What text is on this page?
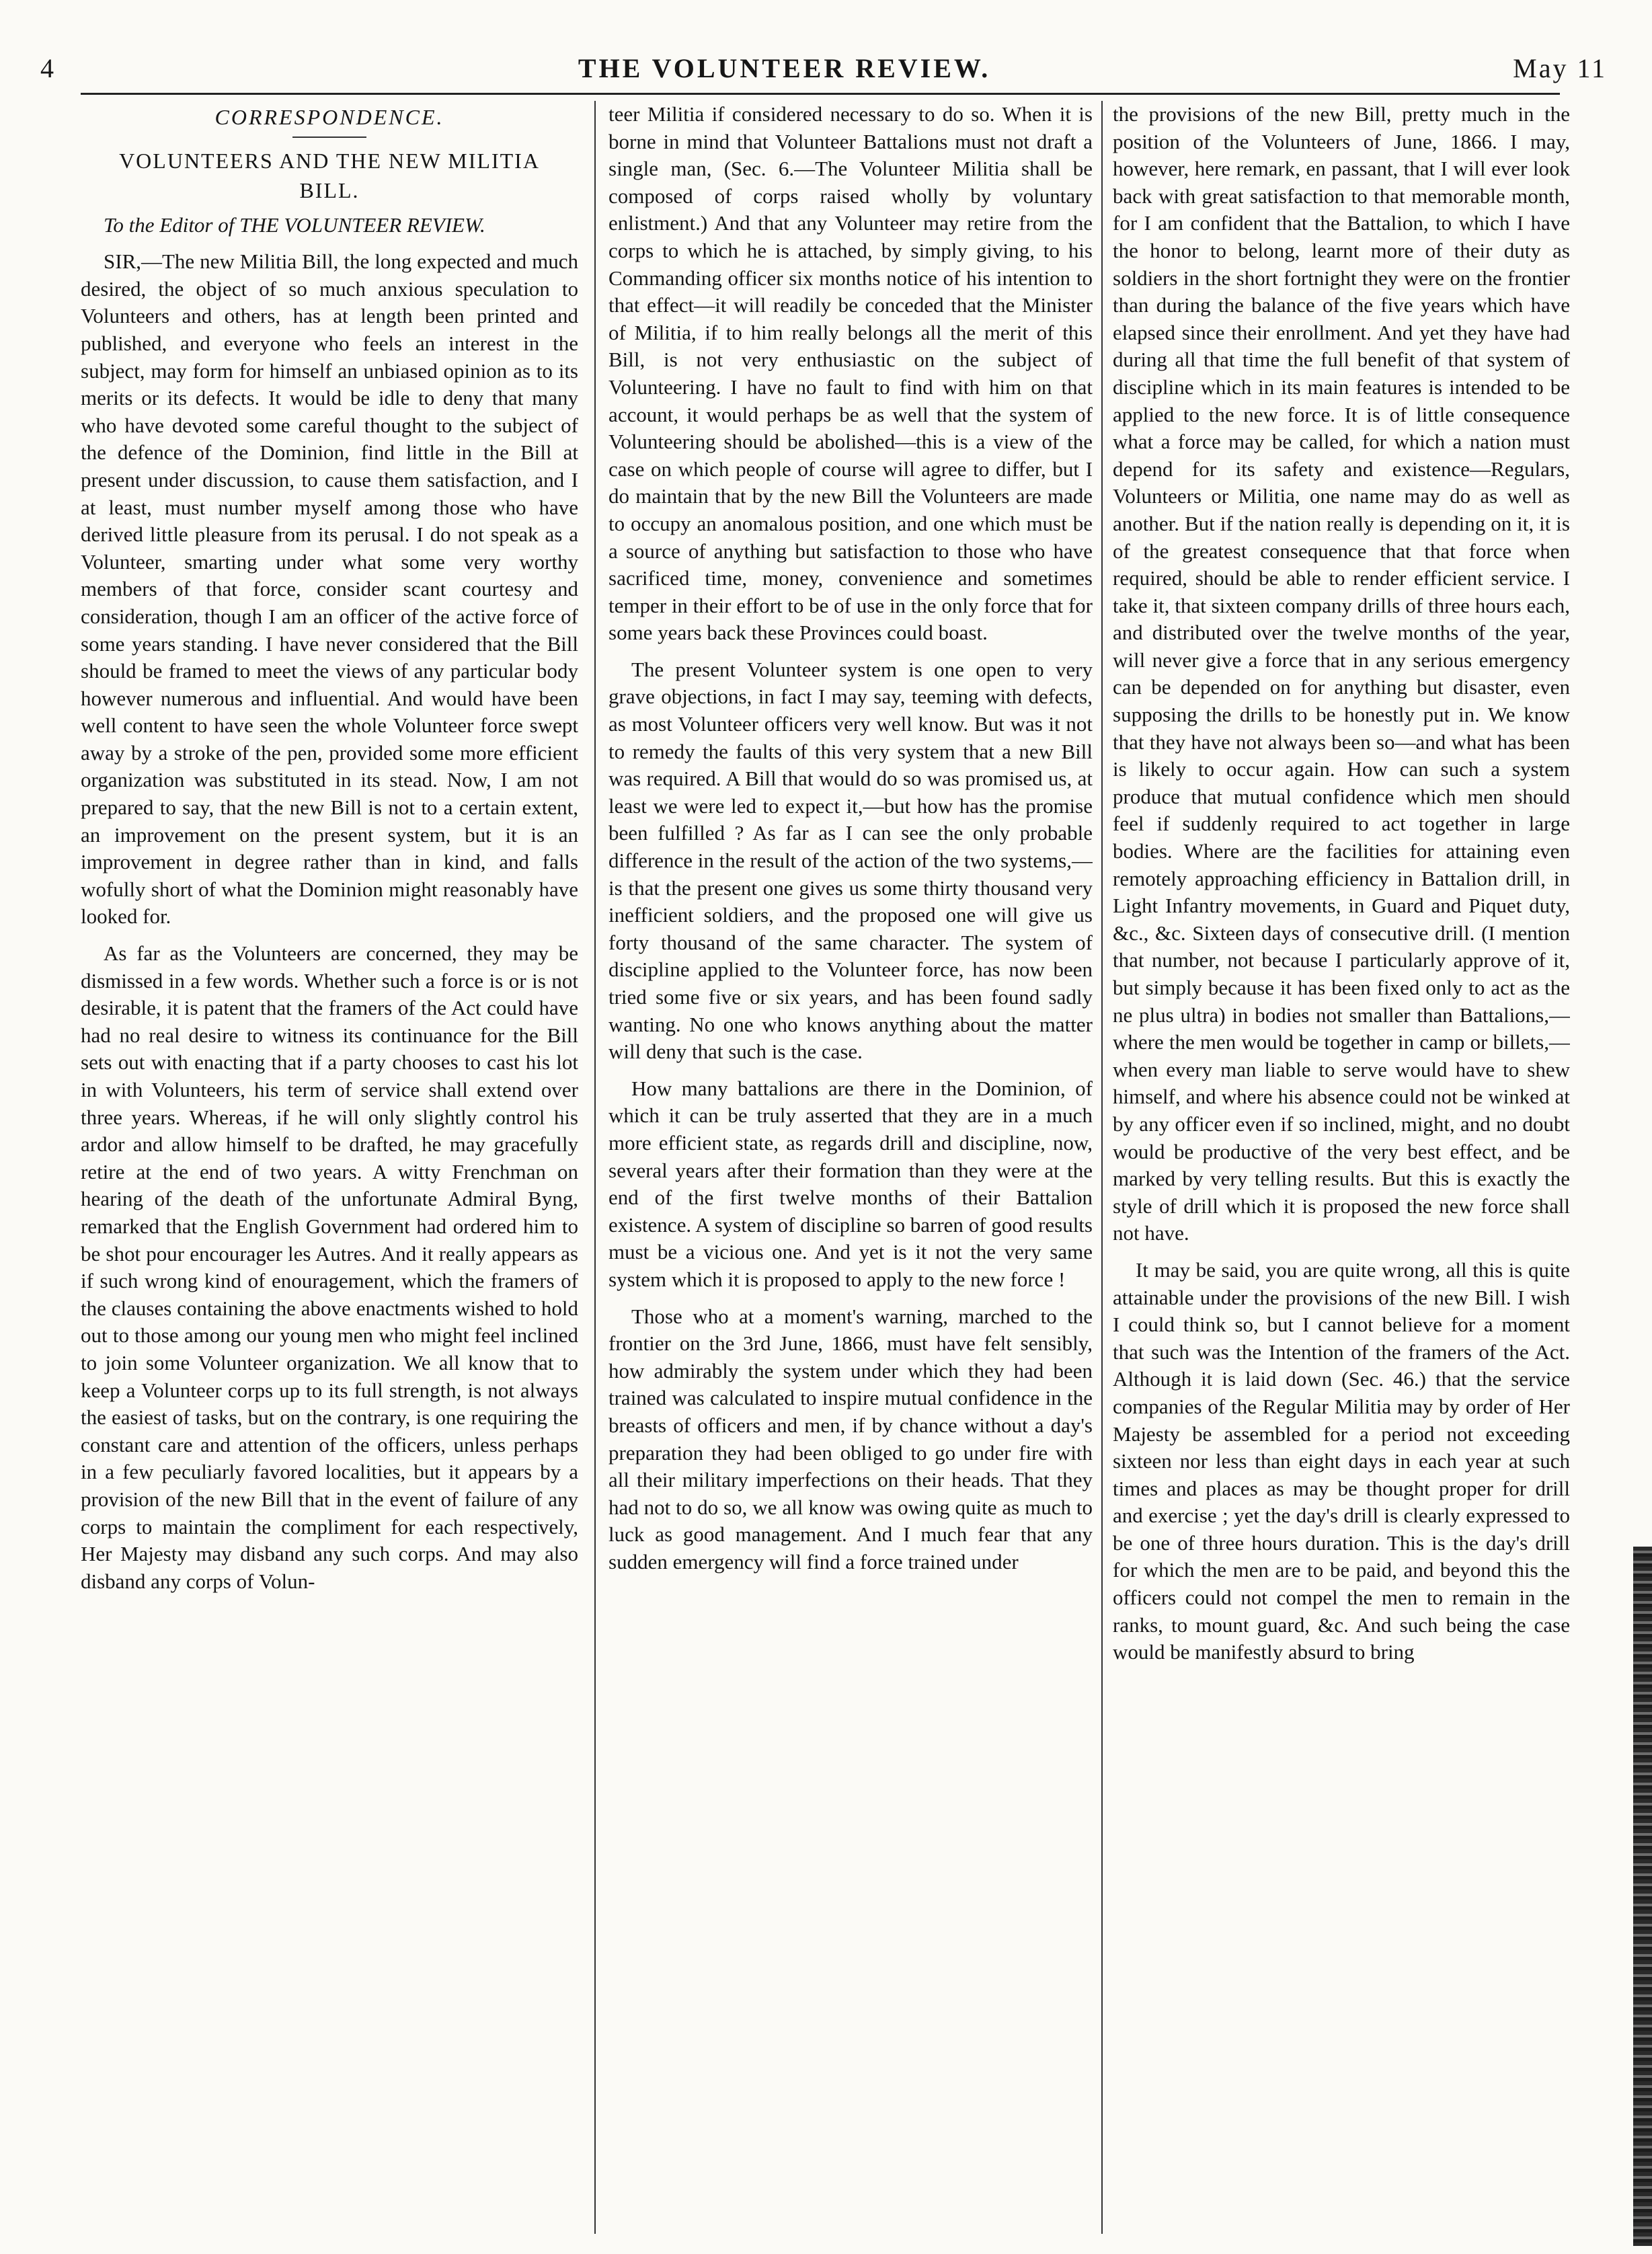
4	THE VOLUNTEER REVIEW.	May 11
CORRESPONDENCE.
VOLUNTEERS AND THE NEW MILITIA BILL.

To the Editor of THE VOLUNTEER REVIEW.

SIR,—The new Militia Bill, the long expected and much desired, the object of so much anxious speculation to Volunteers and others, has at length been printed and published, and everyone who feels an interest in the subject, may form for himself an unbiased opinion as to its merits or its defects. It would be idle to deny that many who have devoted some careful thought to the subject of the defence of the Dominion, find little in the Bill at present under discussion, to cause them satisfaction, and I at least, must number myself among those who have derived little pleasure from its perusal. I do not speak as a Volunteer, smarting under what some very worthy members of that force, consider scant courtesy and consideration, though I am an officer of the active force of some years standing. I have never considered that the Bill should be framed to meet the views of any particular body however numerous and influential. And would have been well content to have seen the whole Volunteer force swept away by a stroke of the pen, provided some more efficient organization was substituted in its stead. Now, I am not prepared to say, that the new Bill is not to a certain extent, an improvement on the present system, but it is an improvement in degree rather than in kind, and falls wofully short of what the Dominion might reasonably have looked for.

As far as the Volunteers are concerned, they may be dismissed in a few words. Whether such a force is or is not desirable, it is patent that the framers of the Act could have had no real desire to witness its continuance for the Bill sets out with enacting that if a party chooses to cast his lot in with Volunteers, his term of service shall extend over three years. Whereas, if he will only slightly control his ardor and allow himself to be drafted, he may gracefully retire at the end of two years. A witty Frenchman on hearing of the death of the unfortunate Admiral Byng, remarked that the English Government had ordered him to be shot pour encourager les Autres. And it really appears as if such wrong kind of enouragement, which the framers of the clauses containing the above enactments wished to hold out to those among our young men who might feel inclined to join some Volunteer organization. We all know that to keep a Volunteer corps up to its full strength, is not always the easiest of tasks, but on the contrary, is one requiring the constant care and attention of the officers, unless perhaps in a few peculiarly favored localities, but it appears by a provision of the new Bill that in the event of failure of any corps to maintain the compliment for each respectively, Her Majesty may disband any such corps. And may also disband any corps of Volun-

teer Militia if considered necessary to do so. When it is borne in mind that Volunteer Battalions must not draft a single man, (Sec. 6.—The Volunteer Militia shall be composed of corps raised wholly by voluntary enlistment.) And that any Volunteer may retire from the corps to which he is attached, by simply giving, to his Commanding officer six months notice of his intention to that effect—it will readily be conceded that the Minister of Militia, if to him really belongs all the merit of this Bill, is not very enthusiastic on the subject of Volunteering. I have no fault to find with him on that account, it would perhaps be as well that the system of Volunteering should be abolished—this is a view of the case on which people of course will agree to differ, but I do maintain that by the new Bill the Volunteers are made to occupy an anomalous position, and one which must be a source of anything but satisfaction to those who have sacrificed time, money, convenience and sometimes temper in their effort to be of use in the only force that for some years back these Provinces could boast.

The present Volunteer system is one open to very grave objections, in fact I may say, teeming with defects, as most Volunteer officers very well know. But was it not to remedy the faults of this very system that a new Bill was required. A Bill that would do so was promised us, at least we were led to expect it,—but how has the promise been fulfilled ? As far as I can see the only probable difference in the result of the action of the two systems,—is that the present one gives us some thirty thousand very inefficient soldiers, and the proposed one will give us forty thousand of the same character. The system of discipline applied to the Volunteer force, has now been tried some five or six years, and has been found sadly wanting. No one who knows anything about the matter will deny that such is the case.

How many battalions are there in the Dominion, of which it can be truly asserted that they are in a much more efficient state, as regards drill and discipline, now, several years after their formation than they were at the end of the first twelve months of their Battalion existence. A system of discipline so barren of good results must be a vicious one. And yet is it not the very same system which it is proposed to apply to the new force !

Those who at a moment's warning, marched to the frontier on the 3rd June, 1866, must have felt sensibly, how admirably the system under which they had been trained was calculated to inspire mutual confidence in the breasts of officers and men, if by chance without a day's preparation they had been obliged to go under fire with all their military imperfections on their heads. That they had not to do so, we all know was owing quite as much to luck as good management. And I much fear that any sudden emergency will find a force trained under

the provisions of the new Bill, pretty much in the position of the Volunteers of June, 1866. I may, however, here remark, en passant, that I will ever look back with great satisfaction to that memorable month, for I am confident that the Battalion, to which I have the honor to belong, learnt more of their duty as soldiers in the short fortnight they were on the frontier than during the balance of the five years which have elapsed since their enrollment. And yet they have had during all that time the full benefit of that system of discipline which in its main features is intended to be applied to the new force. It is of little consequence what a force may be called, for which a nation must depend for its safety and existence—Regulars, Volunteers or Militia, one name may do as well as another. But if the nation really is depending on it, it is of the greatest consequence that that force when required, should be able to render efficient service. I take it, that sixteen company drills of three hours each, and distributed over the twelve months of the year, will never give a force that in any serious emergency can be depended on for anything but disaster, even supposing the drills to be honestly put in. We know that they have not always been so—and what has been is likely to occur again. How can such a system produce that mutual confidence which men should feel if suddenly required to act together in large bodies. Where are the facilities for attaining even remotely approaching efficiency in Battalion drill, in Light Infantry movements, in Guard and Piquet duty, &c., &c. Sixteen days of consecutive drill. (I mention that number, not because I particularly approve of it, but simply because it has been fixed only to act as the ne plus ultra) in bodies not smaller than Battalions,—where the men would be together in camp or billets,—when every man liable to serve would have to shew himself, and where his absence could not be winked at by any officer even if so inclined, might, and no doubt would be productive of the very best effect, and be marked by very telling results. But this is exactly the style of drill which it is proposed the new force shall not have.

It may be said, you are quite wrong, all this is quite attainable under the provisions of the new Bill. I wish I could think so, but I cannot believe for a moment that such was the Intention of the framers of the Act. Although it is laid down (Sec. 46.) that the service companies of the Regular Militia may by order of Her Majesty be assembled for a period not exceeding sixteen nor less than eight days in each year at such times and places as may be thought proper for drill and exercise ; yet the day's drill is clearly expressed to be one of three hours duration. This is the day's drill for which the men are to be paid, and beyond this the officers could not compel the men to remain in the ranks, to mount guard, &c. And such being the case would be manifestly absurd to bring
